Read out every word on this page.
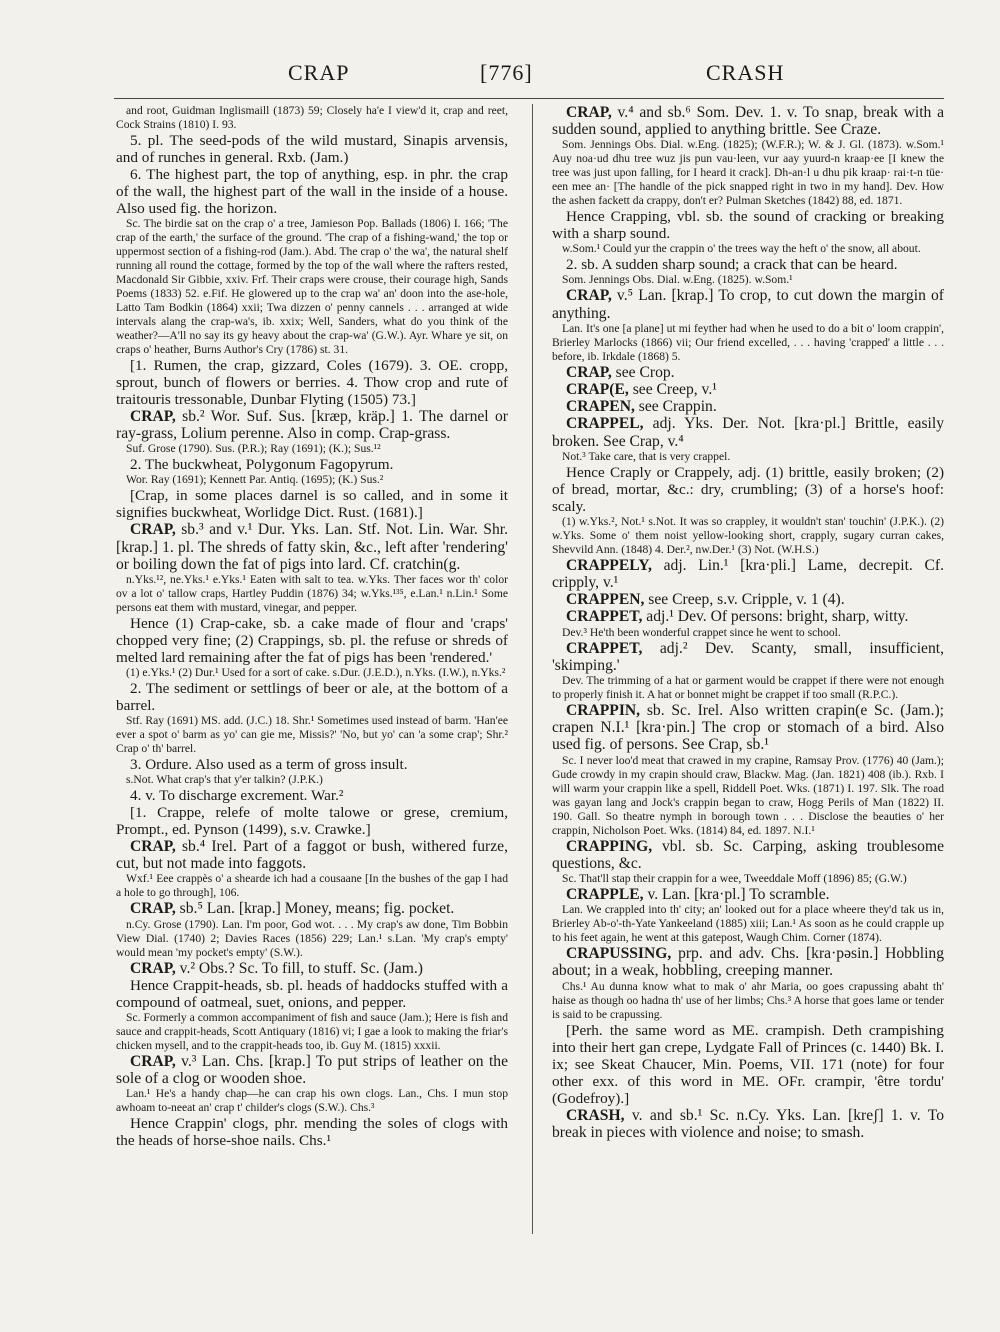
CRAP	[776]	CRASH

and root, Guidman Inglismaill (1873) 59; Closely ha'e I view'd it, crap and reet, Cock Strains (1810) I. 93.

5. pl. The seed-pods of the wild mustard, Sinapis arvensis, and of runches in general. Rxb. (Jam.)

6. The highest part, the top of anything, esp. in phr. the crap of the wall, the highest part of the wall in the inside of a house. Also used fig. the horizon.

Sc. The birdie sat on the crap o' a tree, Jamieson Pop. Ballads (1806) I. 166; 'The crap of the earth,' the surface of the ground. 'The crap of a fishing-wand,' the top or uppermost section of a fishing-rod (Jam.). Abd. The crap o' the wa', the natural shelf running all round the cottage, formed by the top of the wall where the rafters rested, Macdonald Sir Gibbie, xxiv. Frf. Their craps were crouse, their courage high, Sands Poems (1833) 52. e.Fif. He glowered up to the crap wa' an' doon into the ase-hole, Latto Tam Bodkin (1864) xxii; Twa dizzen o' penny cannels . . . arranged at wide intervals alang the crap-wa's, ib. xxix; Well, Sanders, what do you think of the weather?—A'll no say its gy heavy about the crap-wa' (G.W.). Ayr. Whare ye sit, on craps o' heather, Burns Author's Cry (1786) st. 31.

[1. Rumen, the crap, gizzard, Coles (1679). 3. OE. cropp, sprout, bunch of flowers or berries. 4. Thow crop and rute of traitouris tressonable, Dunbar Flyting (1505) 73.]

CRAP, sb.² Wor. Suf. Sus. [kræp, kräp.] 1. The darnel or ray-grass, Lolium perenne. Also in comp. Crap-grass.

Suf. Grose (1790). Sus. (P.R.); Ray (1691); (K.); Sus.¹²

2. The buckwheat, Polygonum Fagopyrum.

Wor. Ray (1691); Kennett Par. Antiq. (1695); (K.) Sus.²

[Crap, in some places darnel is so called, and in some it signifies buckwheat, Worlidge Dict. Rust. (1681).]

CRAP, sb.³ and v.¹ Dur. Yks. Lan. Stf. Not. Lin. War. Shr. [krap.] 1. pl. The shreds of fatty skin, &c., left after 'rendering' or boiling down the fat of pigs into lard. Cf. cratchin(g.

n.Yks.¹², ne.Yks.¹ e.Yks.¹ Eaten with salt to tea. w.Yks. Ther faces wor th' color ov a lot o' tallow craps, Hartley Puddin (1876) 34; w.Yks.¹³⁵, e.Lan.¹ n.Lin.¹ Some persons eat them with mustard, vinegar, and pepper.

Hence (1) Crap-cake, sb. a cake made of flour and 'craps' chopped very fine; (2) Crappings, sb. pl. the refuse or shreds of melted lard remaining after the fat of pigs has been 'rendered.'

(1) e.Yks.¹ (2) Dur.¹ Used for a sort of cake. s.Dur. (J.E.D.), n.Yks. (I.W.), n.Yks.²

2. The sediment or settlings of beer or ale, at the bottom of a barrel.

Stf. Ray (1691) MS. add. (J.C.) 18. Shr.¹ Sometimes used instead of barm. 'Han'ee ever a spot o' barm as yo' can gie me, Missis?' 'No, but yo' can 'a some crap'; Shr.² Crap o' th' barrel.

3. Ordure. Also used as a term of gross insult.

s.Not. What crap's that y'er talkin? (J.P.K.)

4. v. To discharge excrement. War.²

[1. Crappe, relefe of molte talowe or grese, cremium, Prompt., ed. Pynson (1499), s.v. Crawke.]

CRAP, sb.⁴ Irel. Part of a faggot or bush, withered furze, cut, but not made into faggots.

Wxf.¹ Eee crappès o' a shearde ich had a cousaane [In the bushes of the gap I had a hole to go through], 106.

CRAP, sb.⁵ Lan. [krap.] Money, means; fig. pocket.

n.Cy. Grose (1790). Lan. I'm poor, God wot. . . . My crap's aw done, Tim Bobbin View Dial. (1740) 2; Davies Races (1856) 229; Lan.¹ s.Lan. 'My crap's empty' would mean 'my pocket's empty' (S.W.).

CRAP, v.² Obs.? Sc. To fill, to stuff. Sc. (Jam.)

Hence Crappit-heads, sb. pl. heads of haddocks stuffed with a compound of oatmeal, suet, onions, and pepper.

Sc. Formerly a common accompaniment of fish and sauce (Jam.); Here is fish and sauce and crappit-heads, Scott Antiquary (1816) vi; I gae a look to making the friar's chicken mysell, and to the crappit-heads too, ib. Guy M. (1815) xxxii.

CRAP, v.³ Lan. Chs. [krap.] To put strips of leather on the sole of a clog or wooden shoe.

Lan.¹ He's a handy chap—he can crap his own clogs. Lan., Chs. I mun stop awhoam to-neeat an' crap t' childer's clogs (S.W.). Chs.³

Hence Crappin' clogs, phr. mending the soles of clogs with the heads of horse-shoe nails. Chs.¹

CRAP, v.⁴ and sb.⁶ Som. Dev. 1. v. To snap, break with a sudden sound, applied to anything brittle. See Craze.

Som. Jennings Obs. Dial. w.Eng. (1825); (W.F.R.); W. & J. Gl. (1873). w.Som.¹ Auy noa·ud dhu tree wuz jis pun vau·leen, vur aay yuurd-n kraap·ee [I knew the tree was just upon falling, for I heard it crack]. Dh-an·l u dhu pik kraap· rai·t-n tüe· een mee an· [The handle of the pick snapped right in two in my hand]. Dev. How the ashen fackett da crappy, don't er? Pulman Sketches (1842) 88, ed. 1871.

Hence Crapping, vbl. sb. the sound of cracking or breaking with a sharp sound.

w.Som.¹ Could yur the crappin o' the trees way the heft o' the snow, all about.

2. sb. A sudden sharp sound; a crack that can be heard.

Som. Jennings Obs. Dial. w.Eng. (1825). w.Som.¹

CRAP, v.⁵ Lan. [krap.] To crop, to cut down the margin of anything.

Lan. It's one [a plane] ut mi feyther had when he used to do a bit o' loom crappin', Brierley Marlocks (1866) vii; Our friend excelled, . . . having 'crapped' a little . . . before, ib. Irkdale (1868) 5.

CRAP, see Crop.

CRAP(E, see Creep, v.¹

CRAPEN, see Crappin.

CRAPPEL, adj. Yks. Der. Not. [kra·pl.] Brittle, easily broken. See Crap, v.⁴

Not.³ Take care, that is very crappel.

Hence Craply or Crappely, adj. (1) brittle, easily broken; (2) of bread, mortar, &c.: dry, crumbling; (3) of a horse's hoof: scaly.

(1) w.Yks.², Not.¹ s.Not. It was so crappley, it wouldn't stan' touchin' (J.P.K.). (2) w.Yks. Some o' them noist yellow-looking short, crapply, sugary curran cakes, Shevvild Ann. (1848) 4. Der.², nw.Der.¹ (3) Not. (W.H.S.)

CRAPPELY, adj. Lin.¹ [kra·pli.] Lame, decrepit. Cf. cripply, v.¹

CRAPPEN, see Creep, s.v. Cripple, v. 1 (4).

CRAPPET, adj.¹ Dev. Of persons: bright, sharp, witty.

Dev.³ He'th been wonderful crappet since he went to school.

CRAPPET, adj.² Dev. Scanty, small, insufficient, 'skimping.'

Dev. The trimming of a hat or garment would be crappet if there were not enough to properly finish it. A hat or bonnet might be crappet if too small (R.P.C.).

CRAPPIN, sb. Sc. Irel. Also written crapin(e Sc. (Jam.); crapen N.I.¹ [kra·pin.] The crop or stomach of a bird. Also used fig. of persons. See Crap, sb.¹

Sc. I never loo'd meat that crawed in my crapine, Ramsay Prov. (1776) 40 (Jam.); Gude crowdy in my crapin should craw, Blackw. Mag. (Jan. 1821) 408 (ib.). Rxb. I will warm your crappin like a spell, Riddell Poet. Wks. (1871) I. 197. Slk. The road was gayan lang and Jock's crappin began to craw, Hogg Perils of Man (1822) II. 190. Gall. So theatre nymph in borough town . . . Disclose the beauties o' her crappin, Nicholson Poet. Wks. (1814) 84, ed. 1897. N.I.¹

CRAPPING, vbl. sb. Sc. Carping, asking troublesome questions, &c.

Sc. That'll stap their crappin for a wee, Tweeddale Moff (1896) 85; (G.W.)

CRAPPLE, v. Lan. [kra·pl.] To scramble.

Lan. We crappled into th' city; an' looked out for a place wheere they'd tak us in, Brierley Ab-o'-th-Yate Yankeeland (1885) xiii; Lan.¹ As soon as he could crapple up to his feet again, he went at this gatepost, Waugh Chim. Corner (1874).

CRAPUSSING, prp. and adv. Chs. [kra·pəsin.] Hobbling about; in a weak, hobbling, creeping manner.

Chs.¹ Au dunna know what to mak o' ahr Maria, oo goes crapussing abaht th' haise as though oo hadna th' use of her limbs; Chs.³ A horse that goes lame or tender is said to be crapussing.

[Perh. the same word as ME. crampish. Deth crampishing into their hert gan crepe, Lydgate Fall of Princes (c. 1440) Bk. I. ix; see Skeat Chaucer, Min. Poems, VII. 171 (note) for four other exx. of this word in ME. OFr. crampir, 'être tordu' (Godefroy).]

CRASH, v. and sb.¹ Sc. n.Cy. Yks. Lan. [kreʃ] 1. v. To break in pieces with violence and noise; to smash.
